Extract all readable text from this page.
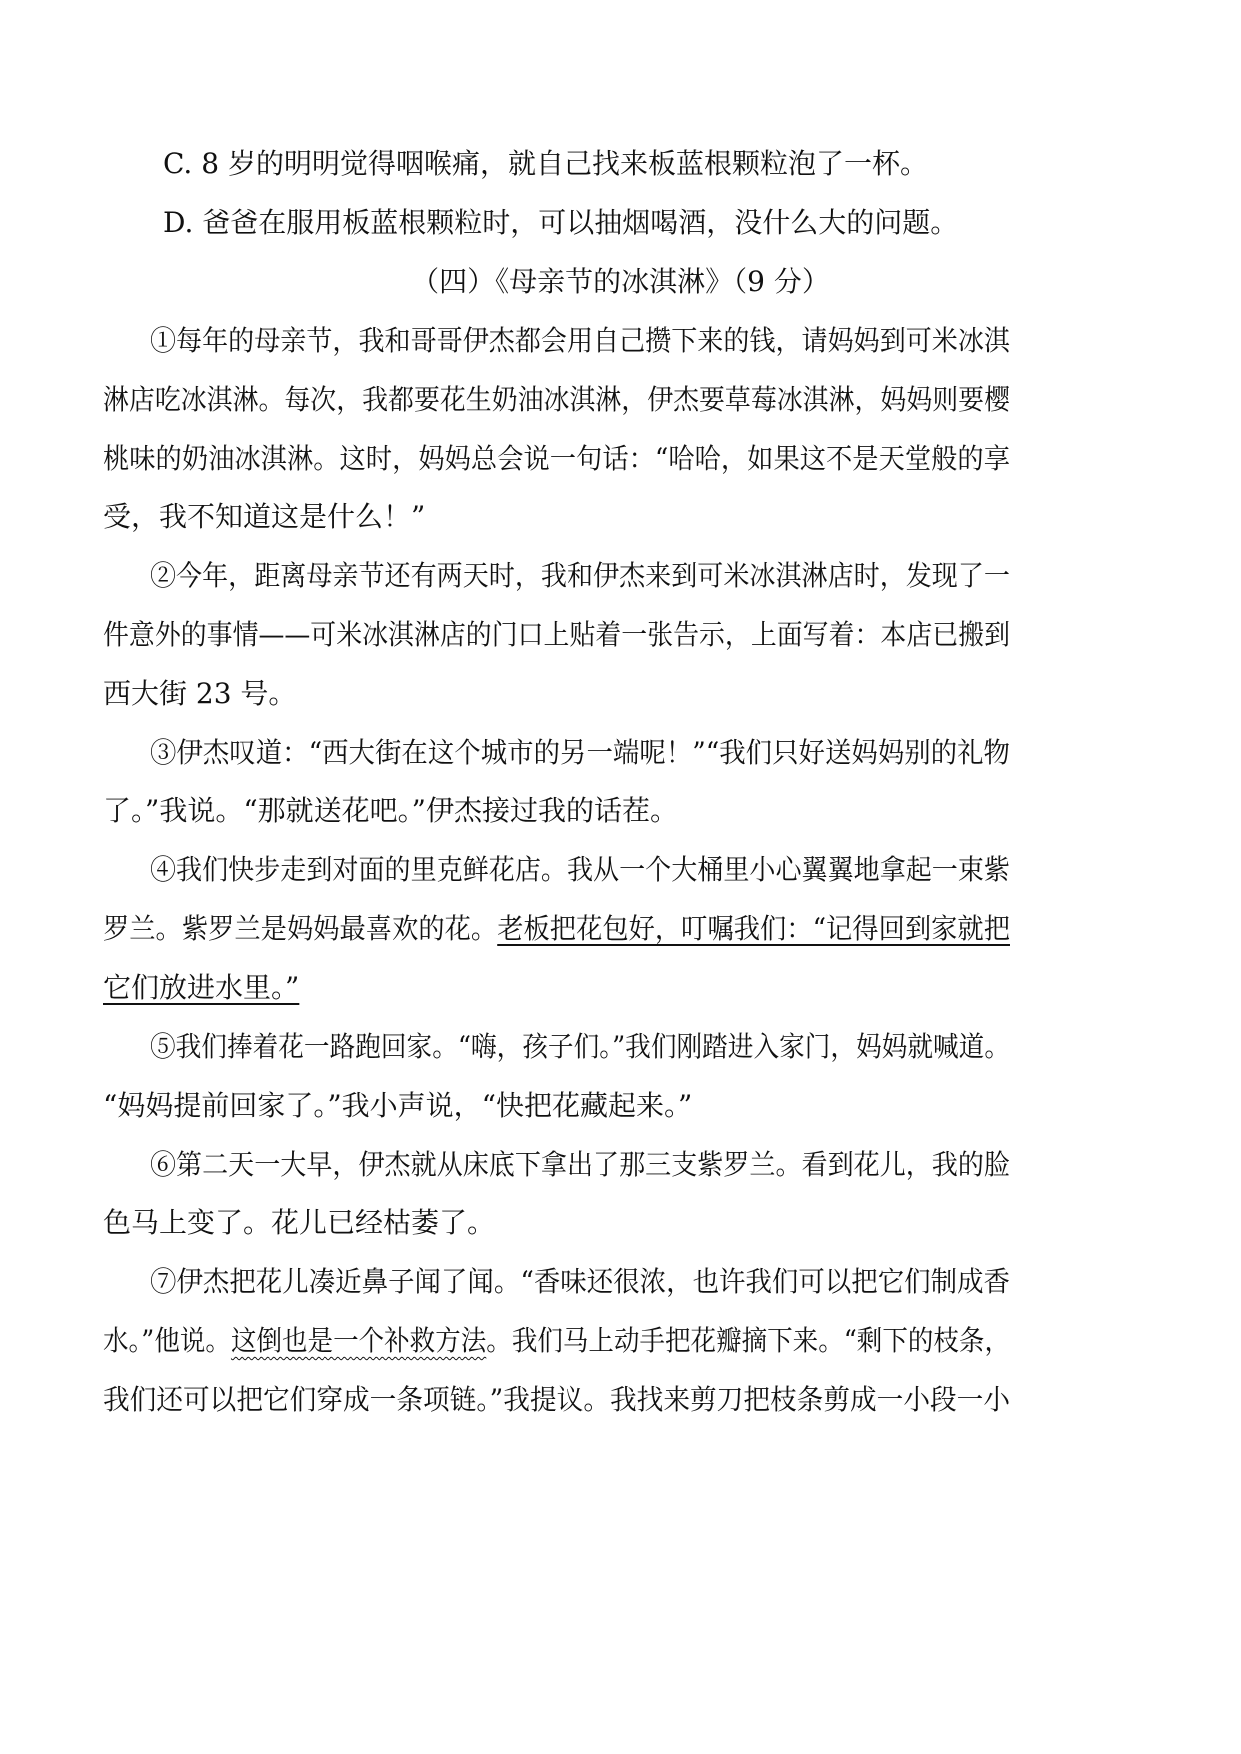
C. 8 岁的明明觉得咽喉痛，就自己找来板蓝根颗粒泡了一杯。
D. 爸爸在服用板蓝根颗粒时，可以抽烟喝酒，没什么大的问题。
（四）《母亲节的冰淇淋》（9 分）
①每年的母亲节，我和哥哥伊杰都会用自己攒下来的钱，请妈妈到可米冰淇
淋店吃冰淇淋。每次，我都要花生奶油冰淇淋，伊杰要草莓冰淇淋，妈妈则要樱
桃味的奶油冰淇淋。这时，妈妈总会说一句话：“哈哈，如果这不是天堂般的享
受，我不知道这是什么！”
②今年，距离母亲节还有两天时，我和伊杰来到可米冰淇淋店时，发现了一
件意外的事情——可米冰淇淋店的门口上贴着一张告示，上面写着：本店已搬到
西大街 23 号。
③伊杰叹道：“西大街在这个城市的另一端呢！”“我们只好送妈妈别的礼物
了。”我说。“那就送花吧。”伊杰接过我的话茬。
④我们快步走到对面的里克鲜花店。我从一个大桶里小心翼翼地拿起一束紫
罗兰。紫罗兰是妈妈最喜欢的花。老板把花包好，叮嘱我们：“记得回到家就把
它们放进水里。”
⑤我们捧着花一路跑回家。“嗨，孩子们。”我们刚踏进入家门，妈妈就喊道。
“妈妈提前回家了。”我小声说，“快把花藏起来。”
⑥第二天一大早，伊杰就从床底下拿出了那三支紫罗兰。看到花儿，我的脸
色马上变了。花儿已经枯萎了。
⑦伊杰把花儿凑近鼻子闻了闻。“香味还很浓，也许我们可以把它们制成香
水。”他说。这倒也是一个补救方法。我们马上动手把花瓣摘下来。“剩下的枝条，
我们还可以把它们穿成一条项链。”我提议。我找来剪刀把枝条剪成一小段一小
